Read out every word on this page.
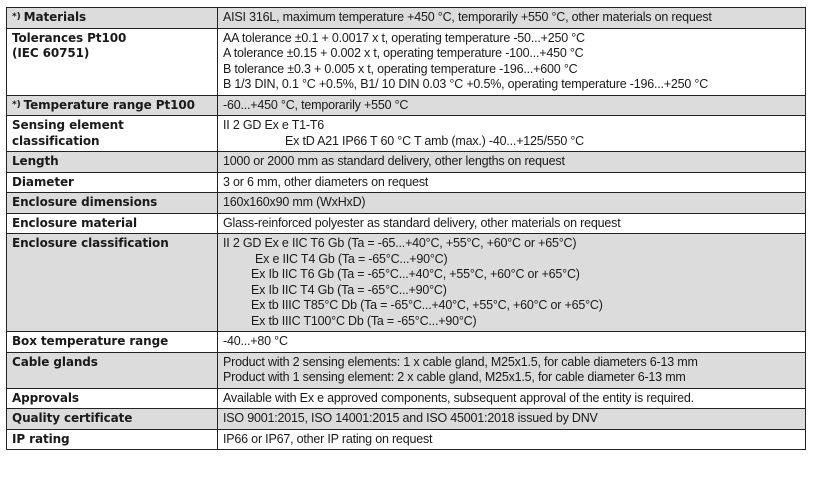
*) Materials	AISI 316L, maximum temperature +450 °C, temporarily +550 °C, other materials on request

Tolerances Pt100
(IEC 60751)	AA tolerance ±0.1 + 0.0017 x t, operating temperature -50...+250 °C
A tolerance ±0.15 + 0.002 x t, operating temperature -100...+450 °C
B tolerance ±0.3 + 0.005 x t, operating temperature -196...+600 °C
B 1/3 DIN, 0.1 °C +0.5%, B1/ 10 DIN 0.03 °C +0.5%, operating temperature -196...+250 °C

*) Temperature range Pt100	-60...+450 °C, temporarily +550 °C

Sensing element classification	II 2 GD Ex e T1-T6
Ex tD A21 IP66 T 60 °C T amb (max.) -40...+125/550 °C

Length	1000 or 2000 mm as standard delivery, other lengths on request

Diameter	3 or 6 mm, other diameters on request

Enclosure dimensions	160x160x90 mm (WxHxD)

Enclosure material	Glass-reinforced polyester as standard delivery, other materials on request

Enclosure classification	II 2 GD Ex e IIC T6 Gb (Ta = -65...+40°C, +55°C, +60°C or +65°C)
Ex e IIC T4 Gb (Ta = -65°C...+90°C)
Ex Ib IIC T6 Gb (Ta = -65°C...+40°C, +55°C, +60°C or +65°C)
Ex Ib IIC T4 Gb (Ta = -65°C...+90°C)
Ex tb IIIC T85°C Db (Ta = -65°C...+40°C, +55°C, +60°C or +65°C)
Ex tb IIIC T100°C Db (Ta = -65°C...+90°C)

Box temperature range	-40...+80 °C

Cable glands	Product with 2 sensing elements: 1 x cable gland, M25x1.5, for cable diameters 6-13 mm
Product with 1 sensing element: 2 x cable gland, M25x1.5, for cable diameter 6-13 mm

Approvals	Available with Ex e approved components, subsequent approval of the entity is required.

Quality certificate	ISO 9001:2015, ISO 14001:2015 and ISO 45001:2018 issued by DNV

IP rating	IP66 or IP67, other IP rating on request
